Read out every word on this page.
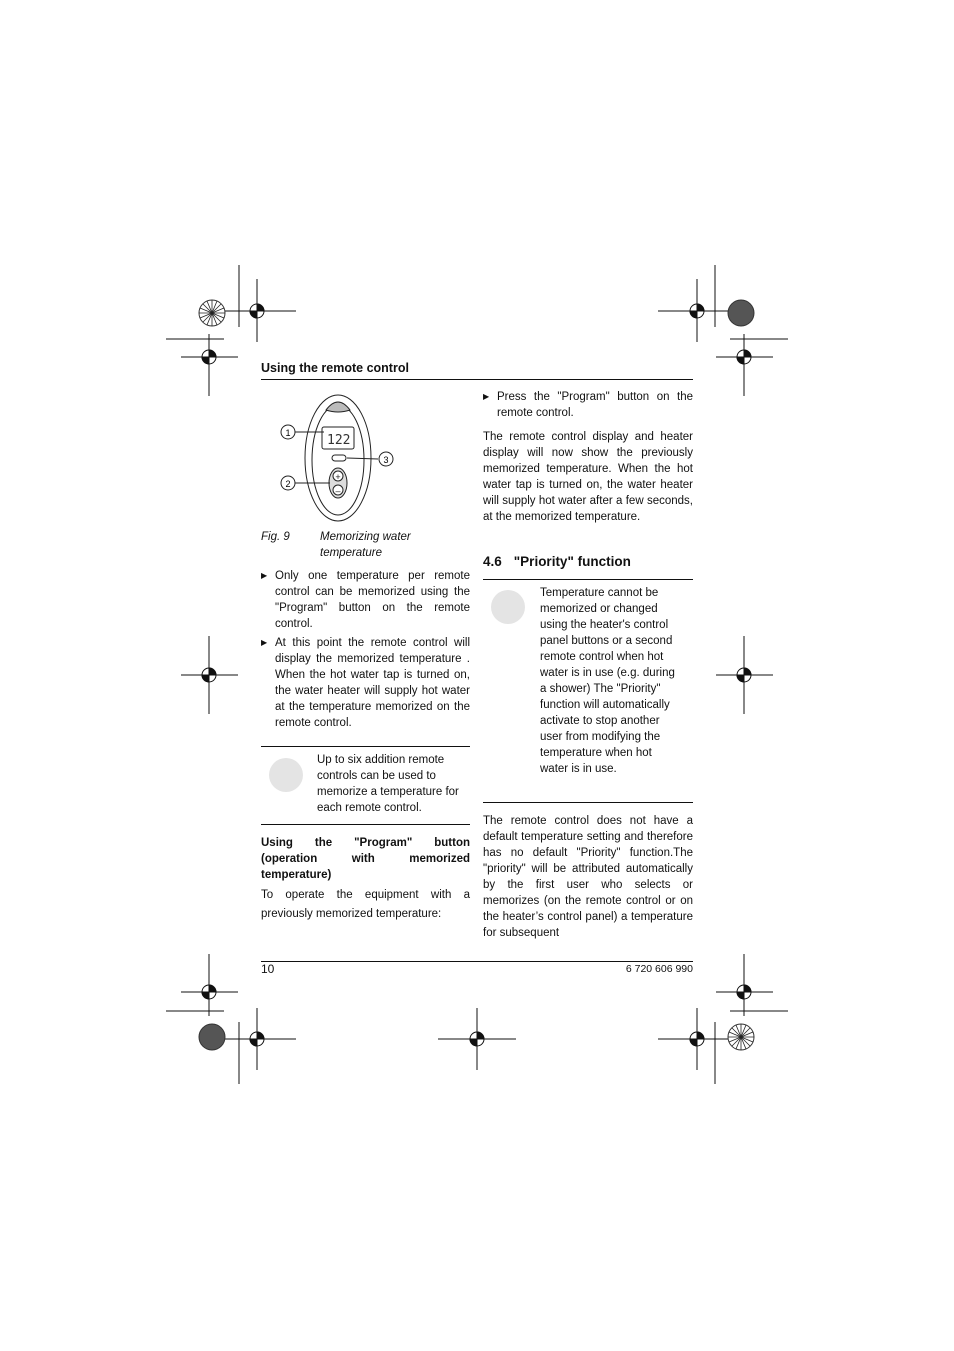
Using the remote control
122
+
–
1
2
3
Fig. 9	Memorizing water temperature
▶ Only one temperature per remote control can be memorized using the "Program" button on the remote control.
▶ At this point the remote control will display the memorized temperature . When the hot water tap is turned on, the water heater will supply hot water at the temperature memorized on the remote control.
Up to six addition remote controls can be used to memorize a temperature for each remote control.
Using the "Program" button (operation with memorized temperature)
To operate the equipment with a previously memorized temperature:
▶ Press the "Program" button on the remote control.
The remote control display and heater display will now show the previously memorized temperature. When the hot water tap is turned on, the water heater will supply hot water after a few seconds, at the memorized temperature.
4.6 "Priority" function
Temperature cannot be memorized or changed using the heater's control panel buttons or a second remote control when hot water is in use (e.g. during a shower) The "Priority" function will automatically activate to stop another user from modifying the temperature when hot water is in use.
The remote control does not have a default temperature setting and therefore has no default "Priority" function.The "priority" will be attributed automatically by the first user who selects or memorizes (on the remote control or on the heater’s control panel) a temperature for subsequent
10	6 720 606 990
